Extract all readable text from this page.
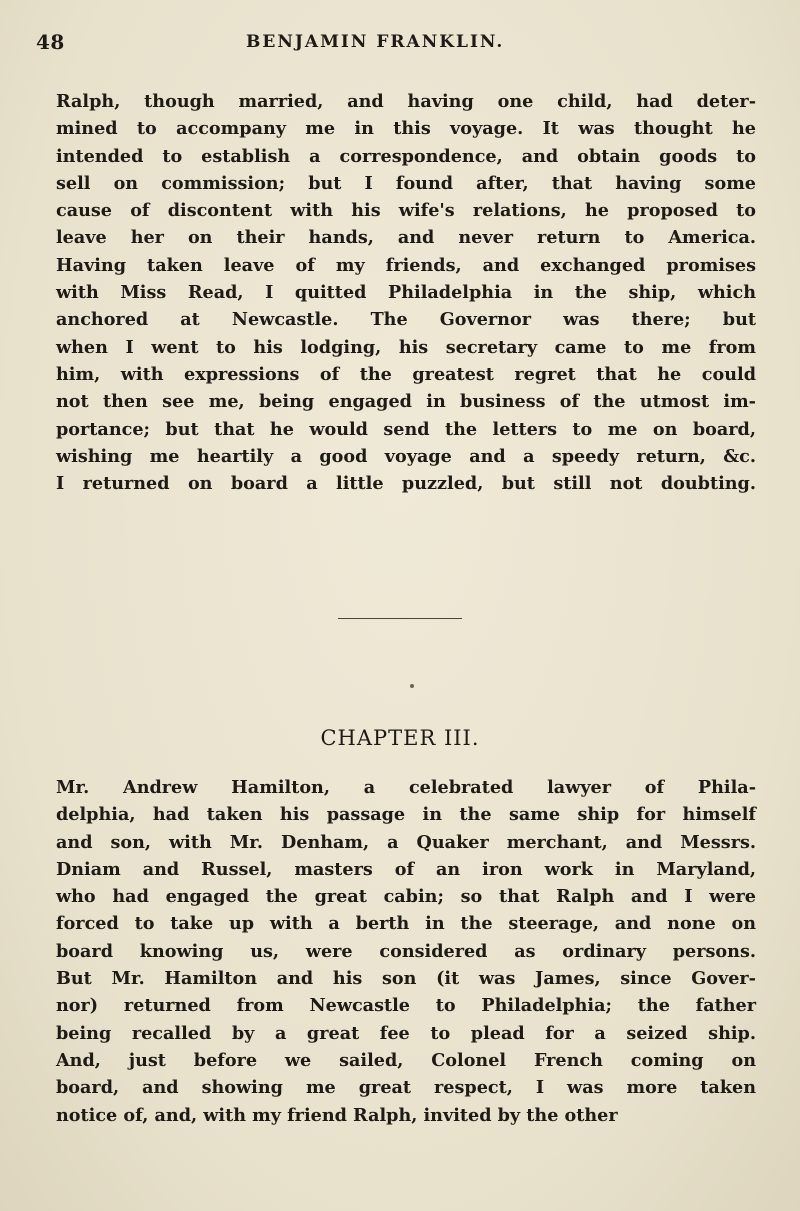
48	BENJAMIN FRANKLIN.
Ralph, though married, and having one child, had deter-
mined to accompany me in this voyage. It was thought he
intended to establish a correspondence, and obtain goods to
sell on commission; but I found after, that having some
cause of discontent with his wife's relations, he proposed to
leave her on their hands, and never return to America.
Having taken leave of my friends, and exchanged promises
with Miss Read, I quitted Philadelphia in the ship, which
anchored at Newcastle. The Governor was there; but
when I went to his lodging, his secretary came to me from
him, with expressions of the greatest regret that he could
not then see me, being engaged in business of the utmost im-
portance; but that he would send the letters to me on board,
wishing me heartily a good voyage and a speedy return, &c.
I returned on board a little puzzled, but still not doubting.
CHAPTER III.
Mr. Andrew Hamilton, a celebrated lawyer of Phila-
delphia, had taken his passage in the same ship for himself
and son, with Mr. Denham, a Quaker merchant, and Messrs.
Dniam and Russel, masters of an iron work in Maryland,
who had engaged the great cabin; so that Ralph and I were
forced to take up with a berth in the steerage, and none on
board knowing us, were considered as ordinary persons.
But Mr. Hamilton and his son (it was James, since Gover-
nor) returned from Newcastle to Philadelphia; the father
being recalled by a great fee to plead for a seized ship.
And, just before we sailed, Colonel French coming on
board, and showing me great respect, I was more taken
notice of, and, with my friend Ralph, invited by the other
